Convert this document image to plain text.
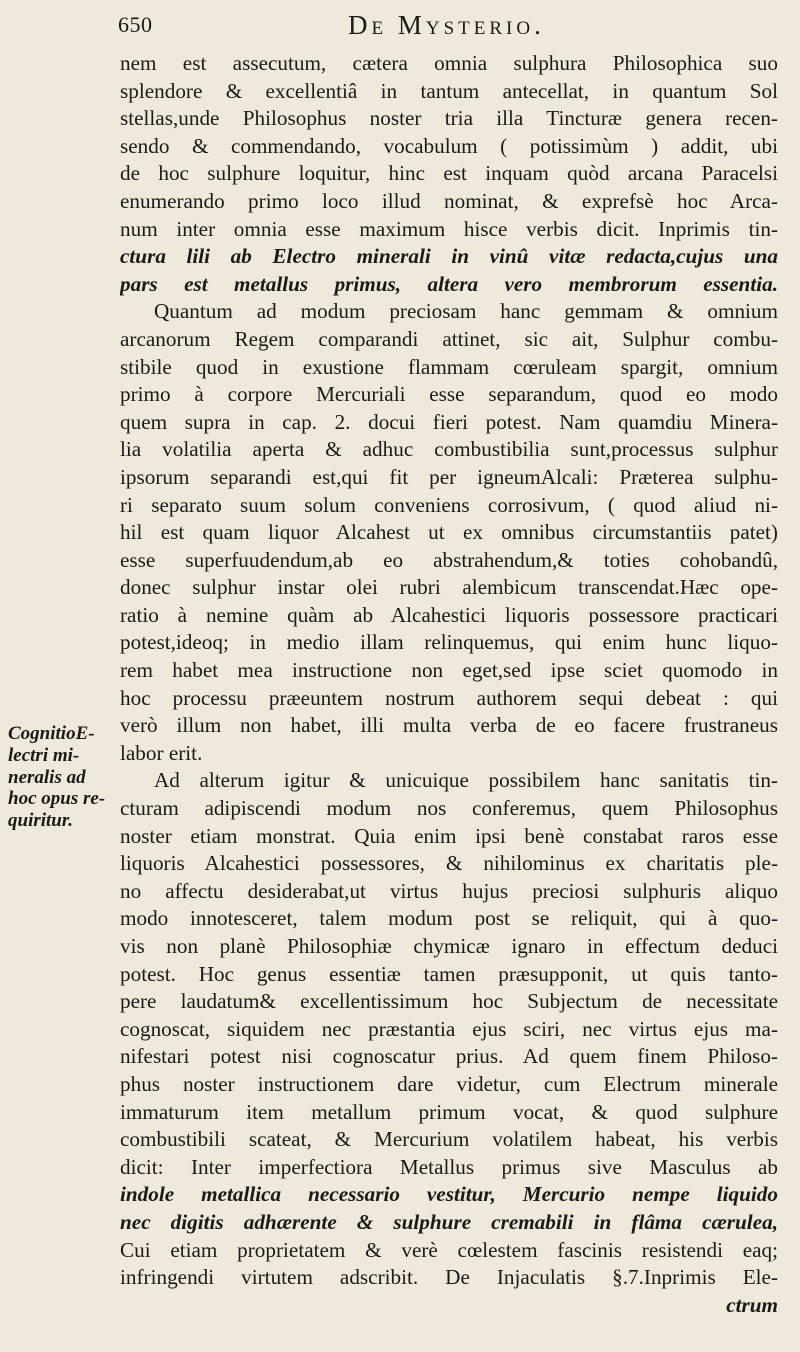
650	De Mysterio.
CognitioE-
lectri mi-
neralis ad
hoc opus re-
quiritur.
nem est assecutum, cætera omnia sulphura Philosophica suo
splendore & excellentiâ in tantum antecellat, in quantum Sol
stellas,unde Philosophus noster tria illa Tincturæ genera recen-
sendo & commendando, vocabulum ( potissimùm ) addit, ubi
de hoc sulphure loquitur, hinc est inquam quòd arcana Paracelsi
enumerando primo loco illud nominat, & exprefsè hoc Arca-
num inter omnia esse maximum hisce verbis dicit. Inprimis tin-
ctura lili ab Electro minerali in vinû vitæ redacta,cujus una
pars est metallus primus, altera vero membrorum essentia.
Quantum ad modum preciosam hanc gemmam & omnium
arcanorum Regem comparandi attinet, sic ait, Sulphur combu-
stibile quod in exustione flammam cœruleam spargit, omnium
primo à corpore Mercuriali esse separandum, quod eo modo
quem supra in cap. 2. docui fieri potest. Nam quamdiu Minera-
lia volatilia aperta & adhuc combustibilia sunt,processus sulphur
ipsorum separandi est,qui fit per igneumAlcali: Præterea sulphu-
ri separato suum solum conveniens corrosivum, ( quod aliud ni-
hil est quam liquor Alcahest ut ex omnibus circumstantiis patet)
esse superfuudendum,ab eo abstrahendum,& toties cohobandû,
donec sulphur instar olei rubri alembicum transcendat.Hæc ope-
ratio à nemine quàm ab Alcahestici liquoris possessore practicari
potest,ideoq; in medio illam relinquemus, qui enim hunc liquo-
rem habet mea instructione non eget,sed ipse sciet quomodo in
hoc processu præeuntem nostrum authorem sequi debeat : qui
verò illum non habet, illi multa verba de eo facere frustraneus
labor erit.
Ad alterum igitur & unicuique possibilem hanc sanitatis tin-
cturam adipiscendi modum nos conferemus, quem Philosophus
noster etiam monstrat. Quia enim ipsi benè constabat raros esse
liquoris Alcahestici possessores, & nihilominus ex charitatis ple-
no affectu desiderabat,ut virtus hujus preciosi sulphuris aliquo
modo innotesceret, talem modum post se reliquit, qui à quo-
vis non planè Philosophiæ chymicæ ignaro in effectum deduci
potest. Hoc genus essentiæ tamen præsupponit, ut quis tanto-
pere laudatum& excellentissimum hoc Subjectum de necessitate
cognoscat, siquidem nec præstantia ejus sciri, nec virtus ejus ma-
nifestari potest nisi cognoscatur prius. Ad quem finem Philoso-
phus noster instructionem dare videtur, cum Electrum minerale
immaturum item metallum primum vocat, & quod sulphure
combustibili scateat, & Mercurium volatilem habeat, his verbis
dicit: Inter imperfectiora Metallus primus sive Masculus ab
indole metallica necessario vestitur, Mercurio nempe liquido
nec digitis adhærente & sulphure cremabili in flâma cærulea,
Cui etiam proprietatem & verè cœlestem fascinis resistendi eaq;
infringendi virtutem adscribit. De Injaculatis §.7.Inprimis Ele-
ctrum
